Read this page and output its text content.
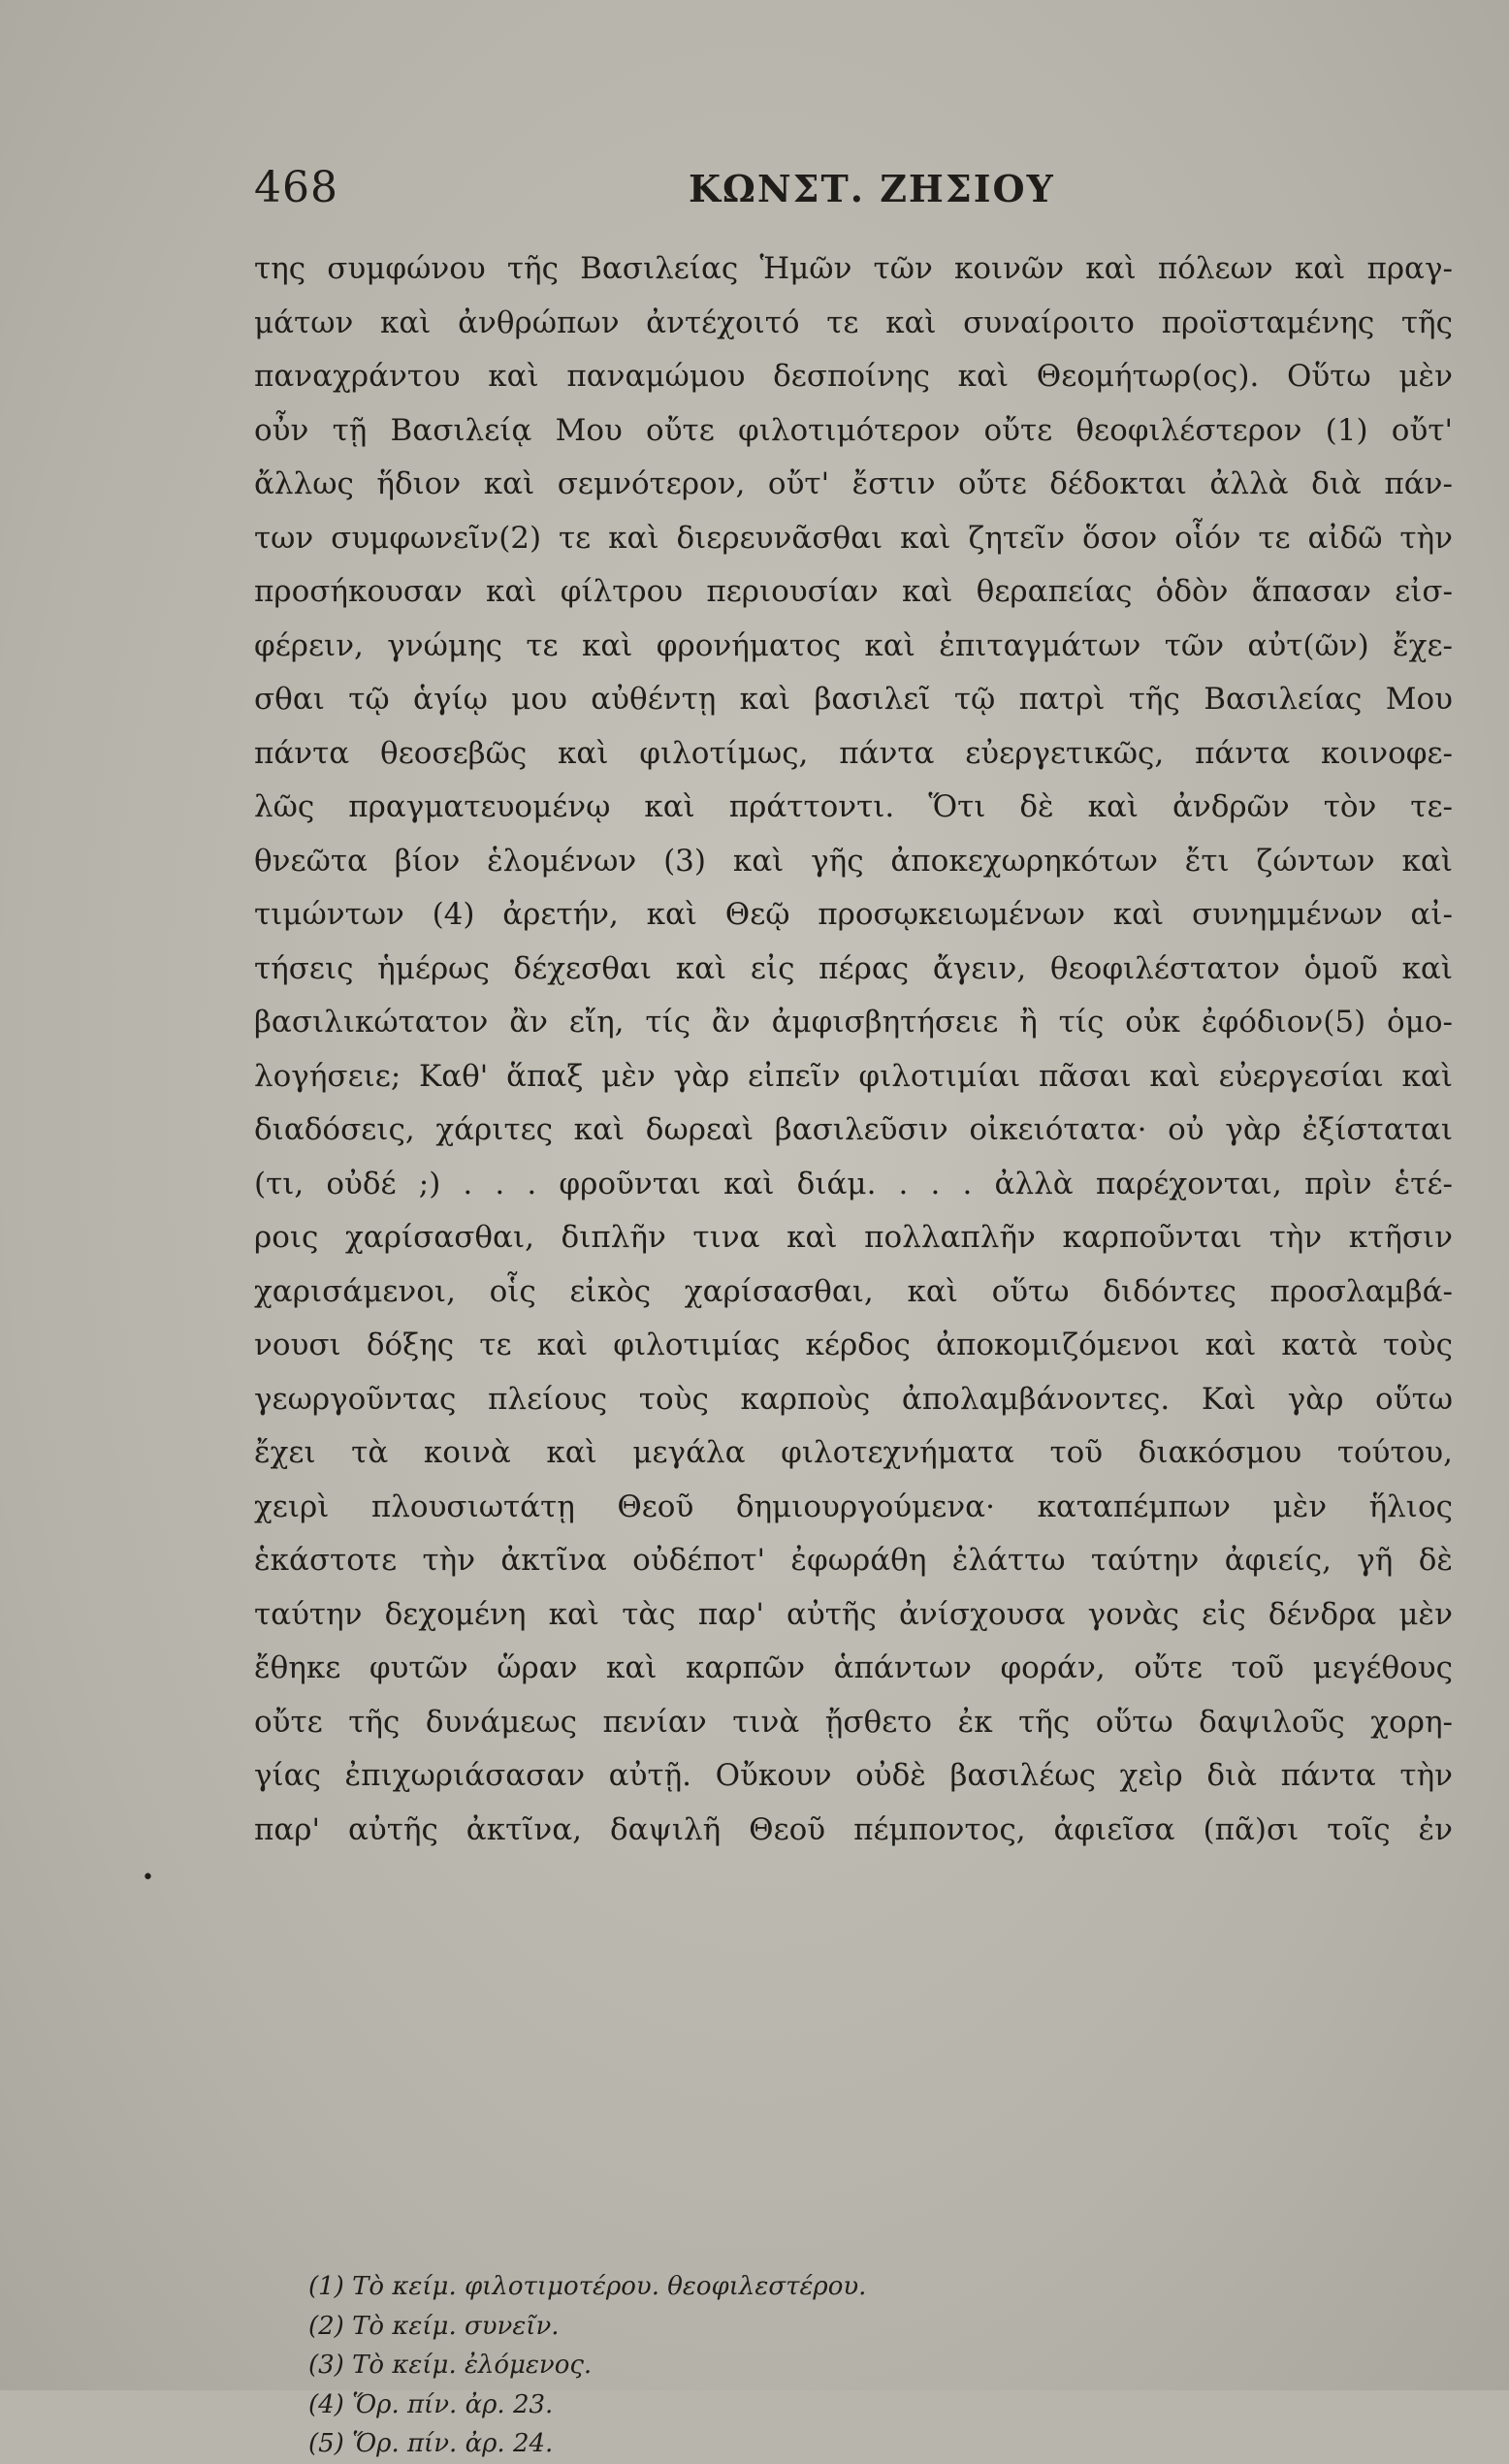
468	ΚΩΝΣΤ. ΖΗΣΙΟΥ
•
της συμφώνου τῆς Βασιλείας Ἡμῶν τῶν κοινῶν καὶ πόλεων καὶ πραγ-
μάτων καὶ ἀνθρώπων ἀντέχοιτό τε καὶ συναίροιτο προϊσταμένης τῆς
παναχράντου καὶ παναμώμου δεσποίνης καὶ Θεομήτωρ(ος). Οὕτω μὲν
οὖν τῇ Βασιλείᾳ Μου οὔτε φιλοτιμότερον οὔτε θεοφιλέστερον (1) οὔτ'
ἄλλως ἥδιον καὶ σεμνότερον, οὔτ' ἔστιν οὔτε δέδοκται ἀλλὰ διὰ πάν-
των συμφωνεῖν(2) τε καὶ διερευνᾶσθαι καὶ ζητεῖν ὅσον οἷόν τε αἰδῶ τὴν
προσήκουσαν καὶ φίλτρου περιουσίαν καὶ θεραπείας ὁδὸν ἅπασαν εἰσ-
φέρειν, γνώμης τε καὶ φρονήματος καὶ ἐπιταγμάτων τῶν αὐτ(ῶν) ἔχε-
σθαι τῷ ἁγίῳ μου αὐθέντῃ καὶ βασιλεῖ τῷ πατρὶ τῆς Βασιλείας Μου
πάντα θεοσεβῶς καὶ φιλοτίμως, πάντα εὐεργετικῶς, πάντα κοινοφε-
λῶς πραγματευομένῳ καὶ πράττοντι. Ὅτι δὲ καὶ ἀνδρῶν τὸν τε-
θνεῶτα βίον ἑλομένων (3) καὶ γῆς ἀποκεχωρηκότων ἔτι ζώντων καὶ
τιμώντων (4) ἀρετήν, καὶ Θεῷ προσῳκειωμένων καὶ συνημμένων αἰ-
τήσεις ἡμέρως δέχεσθαι καὶ εἰς πέρας ἄγειν, θεοφιλέστατον ὁμοῦ καὶ
βασιλικώτατον ἂν εἴη, τίς ἂν ἀμφισβητήσειε ἢ τίς οὐκ ἐφόδιον(5) ὁμο-
λογήσειε; Καθ' ἅπαξ μὲν γὰρ εἰπεῖν φιλοτιμίαι πᾶσαι καὶ εὐεργεσίαι καὶ
διαδόσεις, χάριτες καὶ δωρεαὶ βασιλεῦσιν οἰκειότατα· οὐ γὰρ ἐξίσταται
(τι, οὐδέ ;) . . . φροῦνται καὶ διάμ. . . . ἀλλὰ παρέχονται, πρὶν ἑτέ-
ροις χαρίσασθαι, διπλῆν τινα καὶ πολλαπλῆν καρποῦνται τὴν κτῆσιν
χαρισάμενοι, οἷς εἰκὸς χαρίσασθαι, καὶ οὕτω διδόντες προσλαμβά-
νουσι δόξης τε καὶ φιλοτιμίας κέρδος ἀποκομιζόμενοι καὶ κατὰ τοὺς
γεωργοῦντας πλείους τοὺς καρποὺς ἀπολαμβάνοντες. Καὶ γὰρ οὕτω
ἔχει τὰ κοινὰ καὶ μεγάλα φιλοτεχνήματα τοῦ διακόσμου τούτου,
χειρὶ πλουσιωτάτῃ Θεοῦ δημιουργούμενα· καταπέμπων μὲν ἥλιος
ἑκάστοτε τὴν ἀκτῖνα οὐδέποτ' ἐφωράθη ἐλάττω ταύτην ἀφιείς, γῆ δὲ
ταύτην δεχομένη καὶ τὰς παρ' αὐτῆς ἀνίσχουσα γονὰς εἰς δένδρα μὲν
ἔθηκε φυτῶν ὥραν καὶ καρπῶν ἁπάντων φοράν, οὔτε τοῦ μεγέθους
οὔτε τῆς δυνάμεως πενίαν τινὰ ᾔσθετο ἐκ τῆς οὕτω δαψιλοῦς χορη-
γίας ἐπιχωριάσασαν αὐτῇ. Οὔκουν οὐδὲ βασιλέως χεὶρ διὰ πάντα τὴν
παρ' αὐτῆς ἀκτῖνα, δαψιλῆ Θεοῦ πέμποντος, ἀφιεῖσα (πᾶ)σι τοῖς ἐν
(1) Τὸ κείμ. φιλοτιμοτέρου. θεοφιλεστέρου.
(2) Τὸ κείμ. συνεῖν.
(3) Τὸ κείμ. ἐλόμενος.
(4) Ὅρ. πίν. ἀρ. 23.
(5) Ὅρ. πίν. ἀρ. 24.
